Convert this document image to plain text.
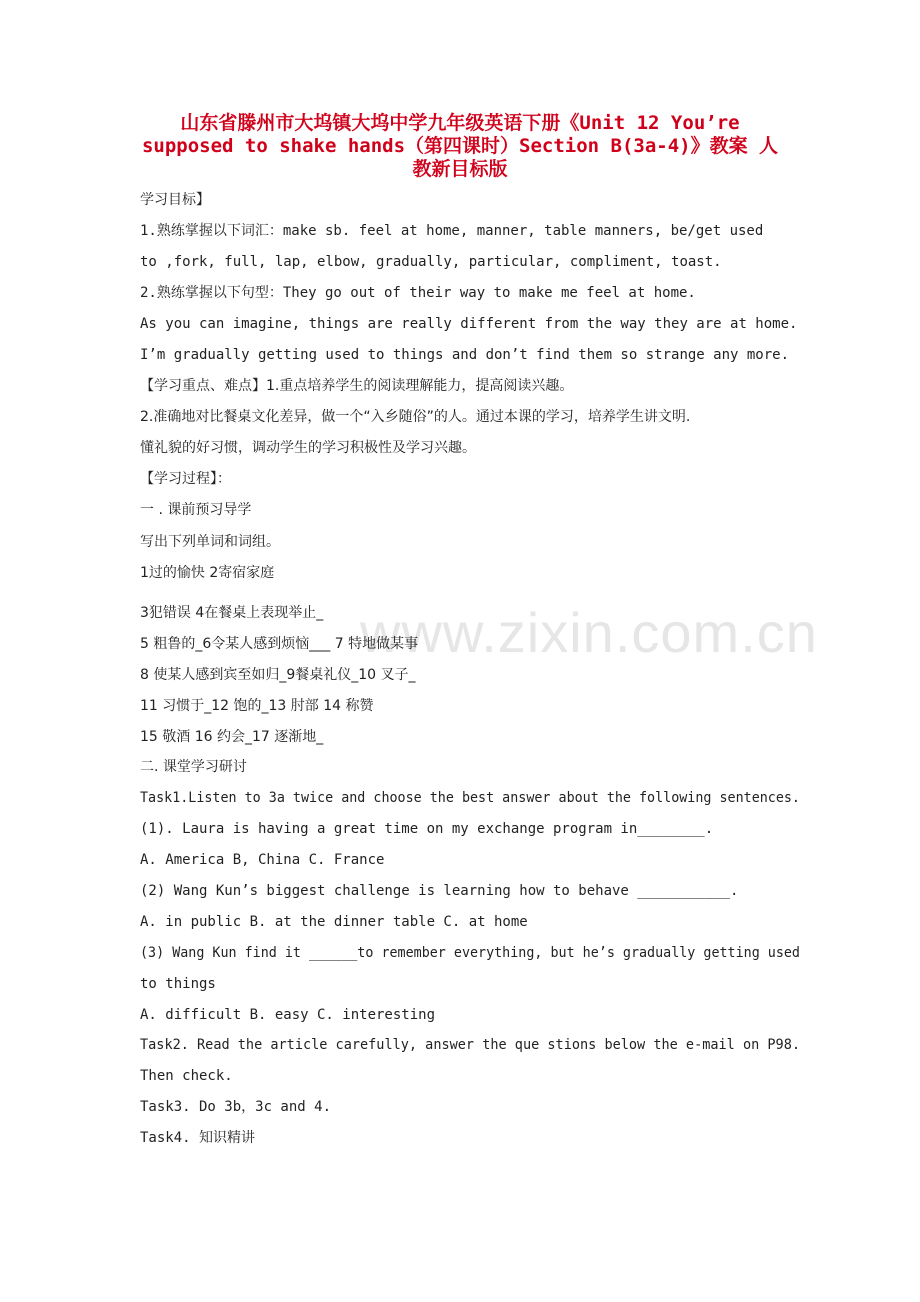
www.zixin.com.cn
山东省滕州市大坞镇大坞中学九年级英语下册《Unit 12 You’re
supposed to shake hands（第四课时）Section B(3a-4)》教案 人
教新目标版
学习目标】
1.熟练掌握以下词汇：make sb. feel at home, manner, table manners, be/get used
to ,fork, full, lap, elbow, gradually, particular, compliment, toast.
2.熟练掌握以下句型：They go out of their way to make me feel at home.
As you can imagine, things are really different from the way they are at home.
I’m gradually getting used to things and don’t find them so strange any more.
【学习重点、难点】1.重点培养学生的阅读理解能力，提高阅读兴趣。
2.准确地对比餐桌文化差异，做一个“入乡随俗”的人。通过本课的学习，培养学生讲文明.
懂礼貌的好习惯，调动学生的学习积极性及学习兴趣。
【学习过程】：
一 . 课前预习导学
写出下列单词和词组。
1过的愉快 2寄宿家庭
3犯错误 4在餐桌上表现举止_
5 粗鲁的_6令某人感到烦恼___ 7 特地做某事
8 使某人感到宾至如归_9餐桌礼仪_10 叉子_
11 习惯于_12 饱的_13 肘部 14 称赞
15 敬酒 16 约会_17 逐渐地_
二. 课堂学习研讨
Task1.Listen to 3a twice and choose the best answer about the following sentences.
(1). Laura is having a great time on my exchange program in________.
A. America B, China C. France
(2) Wang Kun’s biggest challenge is learning how to behave ___________.
A. in public B. at the dinner table C. at home
(3) Wang Kun find it ______to remember everything, but he’s gradually getting used
to things
A. difficult B. easy C. interesting
Task2. Read the article carefully, answer the que stions below the e-mail on P98.
Then check.
Task3. Do 3b，3c and 4.
Task4. 知识精讲
